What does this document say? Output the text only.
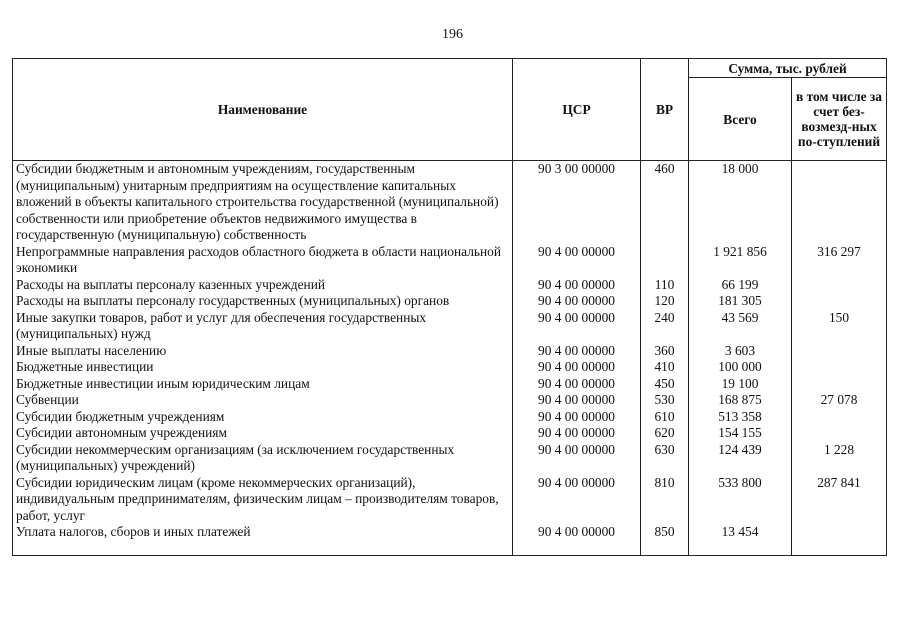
196
Наименование	ЦСР	ВР	Сумма, тыс. рублей	
			Всего	в том числе за счет без-возмезд-ных по-ступлений
Субсидии бюджетным и автономным учреждениям, государственным (муниципальным) унитарным предприятиям на осуществление капитальных вложений в объекты капитального строительства государственной (муниципальной) собственности или приобретение объектов недвижимого имущества в государственную (муниципальную) собственность	90 3 00 00000	460	18 000	
Непрограммные направления расходов областного бюджета в области национальной экономики	90 4 00 00000		1 921 856	316 297
Расходы на выплаты персоналу казенных учреждений	90 4 00 00000	110	66 199	
Расходы на выплаты персоналу государственных (муниципальных) органов	90 4 00 00000	120	181 305	
Иные закупки товаров, работ и услуг для обеспечения государственных (муниципальных) нужд	90 4 00 00000	240	43 569	150
Иные выплаты населению	90 4 00 00000	360	3 603	
Бюджетные инвестиции	90 4 00 00000	410	100 000	
Бюджетные инвестиции иным юридическим лицам	90 4 00 00000	450	19 100	
Субвенции	90 4 00 00000	530	168 875	27 078
Субсидии бюджетным учреждениям	90 4 00 00000	610	513 358	
Субсидии автономным учреждениям	90 4 00 00000	620	154 155	
Субсидии некоммерческим организациям (за исключением государственных (муниципальных) учреждений)	90 4 00 00000	630	124 439	1 228
Субсидии юридическим лицам (кроме некоммерческих организаций), индивидуальным предпринимателям, физическим лицам – производителям товаров, работ, услуг	90 4 00 00000	810	533 800	287 841
Уплата налогов, сборов и иных платежей	90 4 00 00000	850	13 454	
